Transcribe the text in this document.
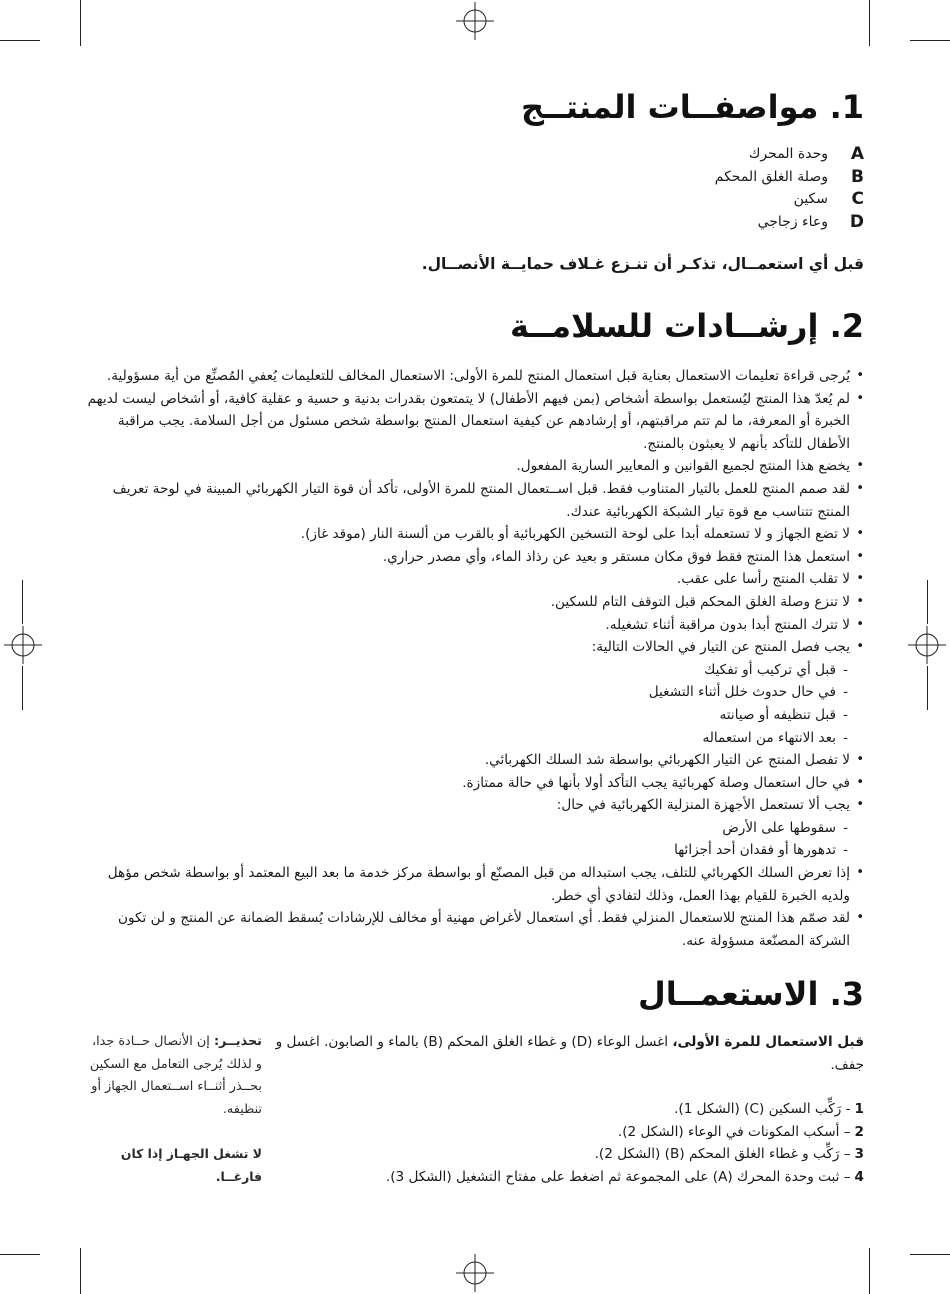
1. مواصفــات المنتــج
A
وحدة المحرك
B
وصلة الغلق المحكم
C
سكين
D
وعاء زجاجي
قبل أي استعمــال، تذكـر أن تنـزع غـلاف حمايــة الأنصــال.
2. إرشــادات للسلامــة
• يُرجى قراءة تعليمات الاستعمال بعناية قبل استعمال المنتج للمرة الأولى: الاستعمال المخالف للتعليمات يُعفي المُصنِّع من أية مسؤولية.
• لم يُعدّ هذا المنتج ليُستعمل بواسطة أشخاص (بمن فيهم الأطفال) لا يتمتعون بقدرات بدنية و حسية و عقلية كافية، أو أشخاص ليست لديهم الخبرة أو المعرفة، ما لم تتم مراقبتهم، أو إرشادهم عن كيفية استعمال المنتج بواسطة شخص مسئول من أجل السلامة. يجب مراقبة الأطفال للتأكد بأنهم لا يعبثون بالمنتج.
• يخضع هذا المنتج لجميع القوانين و المعايير السارية المفعول.
• لقد صمم المنتج للعمل بالتيار المتناوب فقط. قبل اســتعمال المنتج للمرة الأولى، تأكد أن قوة التيار الكهربائي المبينة في لوحة تعريف المنتج تتناسب مع قوة تيار الشبكة الكهربائية عندك.
• لا تضع الجهاز و لا تستعمله أبدا على لوحة التسخين الكهربائية أو بالقرب من ألسنة النار (موقد غاز).
• استعمل هذا المنتج فقط فوق مكان مستقر و بعيد عن رذاذ الماء، وأي مصدر حراري.
• لا تقلب المنتج رأسا على عقب.
• لا تنزع وصلة الغلق المحكم قبل التوقف التام للسكين.
• لا تترك المنتج أبدا بدون مراقبة أثناء تشغيله.
• يجب فصل المنتج عن التيار في الحالات التالية:
- قبل أي تركيب أو تفكيك
- في حال حدوث خلل أثناء التشغيل
- قبل تنظيفه أو صيانته
- بعد الانتهاء من استعماله
• لا تفصل المنتج عن التيار الكهربائي بواسطة شد السلك الكهربائي.
• في حال استعمال وصلة كهربائية يجب التأكد أولا بأنها في حالة ممتازة.
• يجب ألا تستعمل الأجهزة المنزلية الكهربائية في حال:
- سقوطها على الأرض
- تدهورها أو فقدان أحد أجزائها
• إذا تعرض السلك الكهربائي للتلف، يجب استبداله من قبل المصنّع أو بواسطة مركز خدمة ما بعد البيع المعتمد أو بواسطة شخص مؤهل ولديه الخبرة للقيام بهذا العمل، وذلك لتفادي أي خطر.
• لقد صمّم هذا المنتج للاستعمال المنزلي فقط. أي استعمال لأغراض مهنية أو مخالف للإرشادات يُسقط الضمانة عن المنتج و لن تكون الشركة المصنّعة مسؤولة عنه.
3. الاستعمــال
قبل الاستعمال للمرة الأولى، اغسل الوعاء (D) و غطاء الغلق المحكم (B) بالماء و الصابون. اغسل و جفف.
1- رَكِّب السكين (C) (الشكل 1).
2– أسكب المكونات في الوعاء (الشكل 2).
3– رَكِّب و غطاء الغلق المحكم (B) (الشكل 2).
4– ثبت وحدة المحرك (A) على المجموعة ثم اضغط على مفتاح التشغيل (الشكل 3).
تحذيــر: إن الأنصال حــادة جدا، و لذلك يُرجى التعامل مع السكين بحــذر أثنــاء اســتعمال الجهاز أو تنظيفه.
لا تشغل الجهـاز إذا كان فارغــا.
